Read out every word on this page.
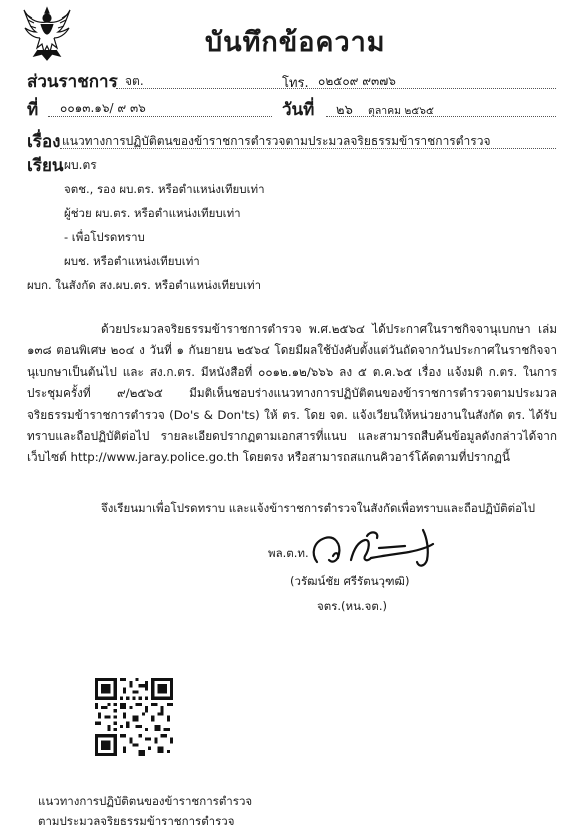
บันทึกข้อความ
ส่วนราชการ จต.	โทร. ๐๒๕๐๙ ๙๓๗๖
ที่ ๐๐๑๓.๑๖/ ๙ ๓๖	วันที่ ๒๖ ตุลาคม ๒๕๖๕
เรื่อง แนวทางการปฏิบัติตนของข้าราชการตำรวจตามประมวลจริยธรรมข้าราชการตำรวจ
เรียน ผบ.ตร
จตช., รอง ผบ.ตร. หรือตำแหน่งเทียบเท่า
ผู้ช่วย ผบ.ตร. หรือตำแหน่งเทียบเท่า
- เพื่อโปรดทราบ
ผบช. หรือตำแหน่งเทียบเท่า
ผบก. ในสังกัด สง.ผบ.ตร. หรือตำแหน่งเทียบเท่า
ด้วยประมวลจริยธรรมข้าราชการตำรวจ พ.ศ.๒๕๖๔ ได้ประกาศในราชกิจจานุเบกษา เล่ม ๑๓๘ ตอนพิเศษ ๒๐๔ ง วันที่ ๑ กันยายน ๒๕๖๔ โดยมีผลใช้บังคับตั้งแต่วันถัดจากวันประกาศในราชกิจจานุเบกษาเป็นต้นไป และ สง.ก.ตร. มีหนังสือที่ ๐๐๑๒.๑๒/๖๖๖ ลง ๕ ต.ค.๖๕ เรื่อง แจ้งมติ ก.ตร. ในการประชุมครั้งที่ ๙/๒๕๖๕ มีมติเห็นชอบร่างแนวทางการปฏิบัติตนของข้าราชการตำรวจตามประมวลจริยธรรมข้าราชการตำรวจ (Do's & Don'ts) ให้ ตร. โดย จต. แจ้งเวียนให้หน่วยงานในสังกัด ตร. ได้รับทราบและถือปฏิบัติต่อไป รายละเอียดปรากฏตามเอกสารที่แนบ และสามารถสืบค้นข้อมูลดังกล่าวได้จากเว็บไซต์ http://www.jaray.police.go.th โดยตรง หรือสามารถสแกนคิวอาร์โค้ดตามที่ปรากฏนี้
จึงเรียนมาเพื่อโปรดทราบ และแจ้งข้าราชการตำรวจในสังกัดเพื่อทราบและถือปฏิบัติต่อไป
พล.ต.ท.
(วรัฒน์ชัย ศรีรัตนวุฑฒิ)
จตร.(หน.จต.)
แนวทางการปฏิบัติตนของข้าราชการตำรวจ
ตามประมวลจริยธรรมข้าราชการตำรวจ
